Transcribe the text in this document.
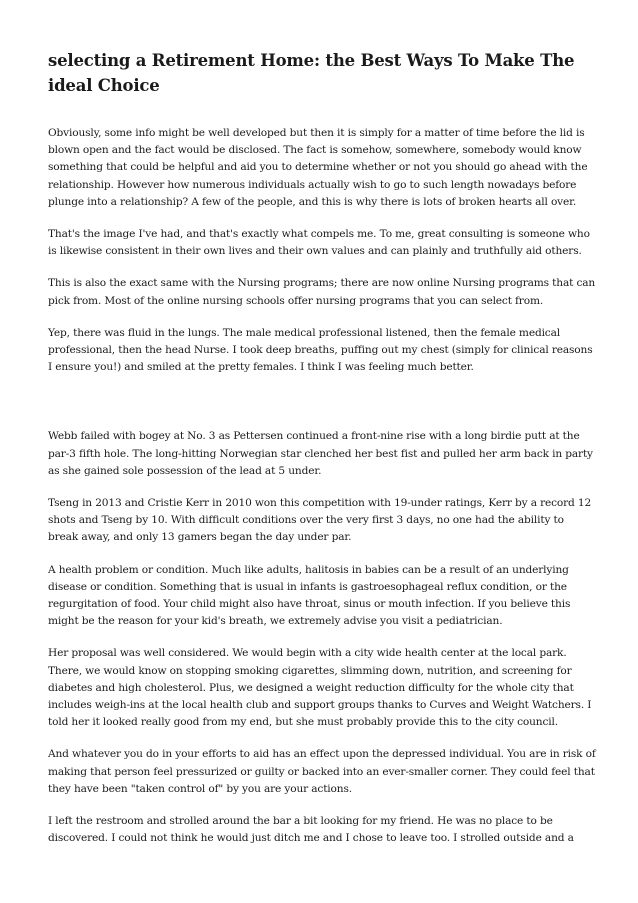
selecting a Retirement Home: the Best Ways To Make The ideal Choice

Obviously, some info might be well developed but then it is simply for a matter of time before the lid is blown open and the fact would be disclosed. The fact is somehow, somewhere, somebody would know something that could be helpful and aid you to determine whether or not you should go ahead with the relationship. However how numerous individuals actually wish to go to such length nowadays before plunge into a relationship? A few of the people, and this is why there is lots of broken hearts all over.

That's the image I've had, and that's exactly what compels me. To me, great consulting is someone who is likewise consistent in their own lives and their own values and can plainly and truthfully aid others.

This is also the exact same with the Nursing programs; there are now online Nursing programs that can pick from. Most of the online nursing schools offer nursing programs that you can select from.

Yep, there was fluid in the lungs. The male medical professional listened, then the female medical professional, then the head Nurse. I took deep breaths, puffing out my chest (simply for clinical reasons I ensure you!) and smiled at the pretty females. I think I was feeling much better.

Webb failed with bogey at No. 3 as Pettersen continued a front-nine rise with a long birdie putt at the par-3 fifth hole. The long-hitting Norwegian star clenched her best fist and pulled her arm back in party as she gained sole possession of the lead at 5 under.

Tseng in 2013 and Cristie Kerr in 2010 won this competition with 19-under ratings, Kerr by a record 12 shots and Tseng by 10. With difficult conditions over the very first 3 days, no one had the ability to break away, and only 13 gamers began the day under par.

A health problem or condition. Much like adults, halitosis in babies can be a result of an underlying disease or condition. Something that is usual in infants is gastroesophageal reflux condition, or the regurgitation of food. Your child might also have throat, sinus or mouth infection. If you believe this might be the reason for your kid's breath, we extremely advise you visit a pediatrician.

Her proposal was well considered. We would begin with a city wide health center at the local park. There, we would know on stopping smoking cigarettes, slimming down, nutrition, and screening for diabetes and high cholesterol. Plus, we designed a weight reduction difficulty for the whole city that includes weigh-ins at the local health club and support groups thanks to Curves and Weight Watchers. I told her it looked really good from my end, but she must probably provide this to the city council.

And whatever you do in your efforts to aid has an effect upon the depressed individual. You are in risk of making that person feel pressurized or guilty or backed into an ever-smaller corner. They could feel that they have been "taken control of" by you are your actions.

I left the restroom and strolled around the bar a bit looking for my friend. He was no place to be discovered. I could not think he would just ditch me and I chose to leave too. I strolled outside and a
